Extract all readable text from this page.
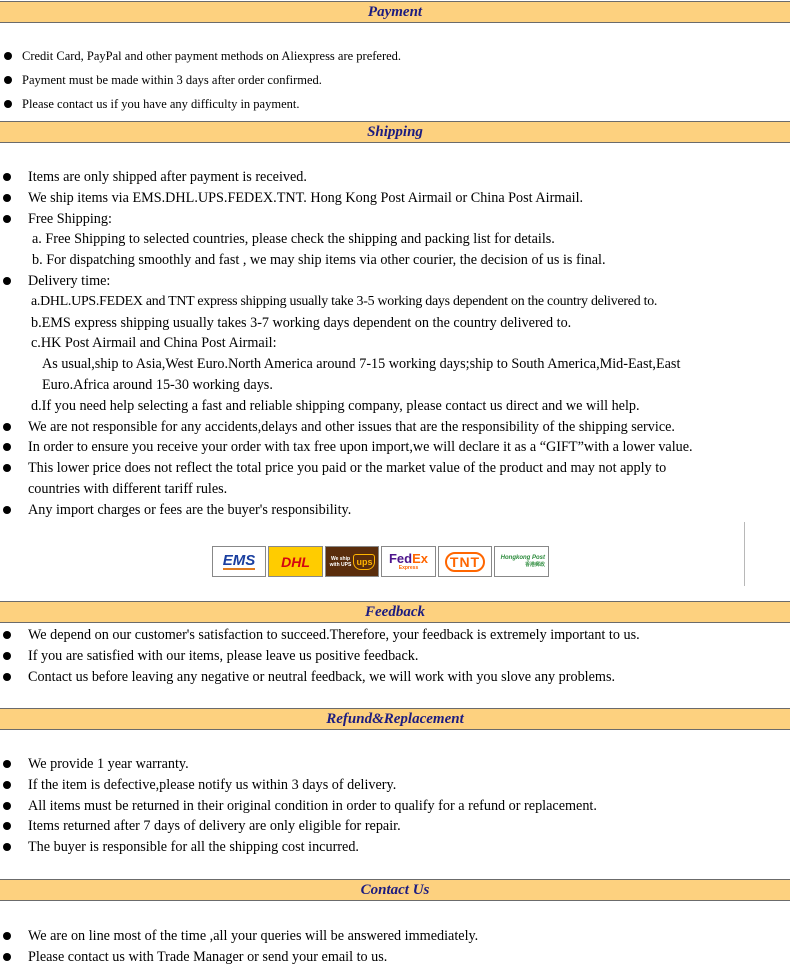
Payment
Credit Card, PayPal and other payment methods on Aliexpress are prefered.
Payment must be made within 3 days after order confirmed.
Please contact us if you have any difficulty in payment.
Shipping
Items are only shipped after payment is received.
We ship items via EMS.DHL.UPS.FEDEX.TNT. Hong Kong Post Airmail or China Post Airmail.
Free Shipping:
a. Free Shipping to selected countries, please check the shipping and packing list for details.
b. For dispatching smoothly and fast , we may ship items via other courier, the decision of us is final.
Delivery time:
a.DHL.UPS.FEDEX and TNT express shipping usually take 3-5 working days dependent on the country delivered to.
b.EMS express shipping usually takes 3-7 working days dependent on the country delivered to.
c.HK Post Airmail and China Post Airmail:
As usual,ship to Asia,West Euro.North America around 7-15 working days;ship to South America,Mid-East,East
Euro.Africa around 15-30 working days.
d.If you need help selecting a fast and reliable shipping company, please contact us direct and we will help.
We are not responsible for any accidents,delays and other issues that are the responsibility of the shipping service.
In order to ensure you receive your order with tax free upon import,we will declare it as a “GIFT”with a lower value.
This lower price does not reflect the total price you paid or the market value of the product and may not apply to
countries with different tariff rules.
Any import charges or fees are the buyer's responsibility.
EMS DHL	We ship with UPS ups FedEx
Express	TNT	Hongkong Post
香港郵政
Feedback
We depend on our customer's satisfaction to succeed.Therefore, your feedback is extremely important to us.
If you are satisfied with our items, please leave us positive feedback.
Contact us before leaving any negative or neutral feedback, we will work with you slove any problems.
Refund&Replacement
We provide 1 year warranty.
If the item is defective,please notify us within 3 days of delivery.
All items must be returned in their original condition in order to qualify for a refund or replacement.
Items returned after 7 days of delivery are only eligible for repair.
The buyer is responsible for all the shipping cost incurred.
Contact Us
We are on line most of the time ,all your queries will be answered immediately.
Please contact us with Trade Manager or send your email to us.
